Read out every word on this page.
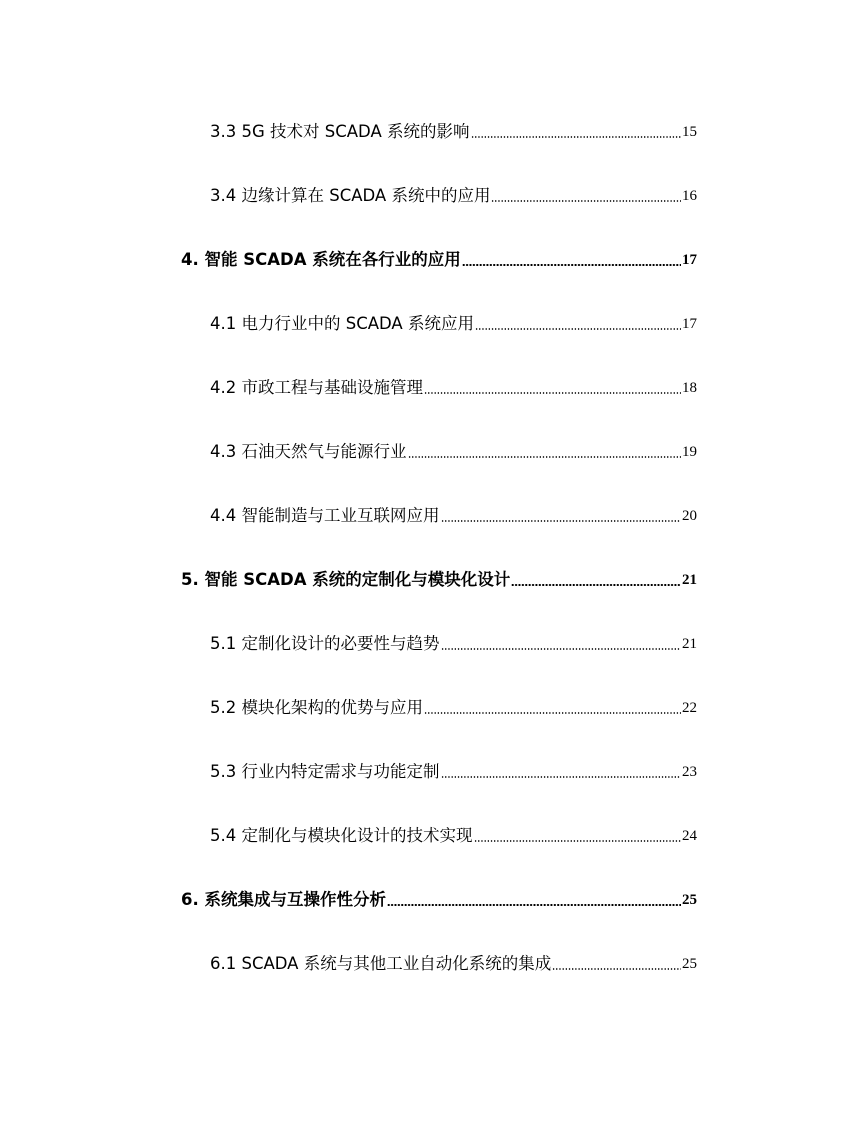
3.3 5G 技术对 SCADA 系统的影响	15
3.4 边缘计算在 SCADA 系统中的应用	16
4. 智能 SCADA 系统在各行业的应用	17
4.1 电力行业中的 SCADA 系统应用	17
4.2 市政工程与基础设施管理	18
4.3 石油天然气与能源行业	19
4.4 智能制造与工业互联网应用	20
5. 智能 SCADA 系统的定制化与模块化设计	21
5.1 定制化设计的必要性与趋势	21
5.2 模块化架构的优势与应用	22
5.3 行业内特定需求与功能定制	23
5.4 定制化与模块化设计的技术实现	24
6. 系统集成与互操作性分析	25
6.1 SCADA 系统与其他工业自动化系统的集成	25
